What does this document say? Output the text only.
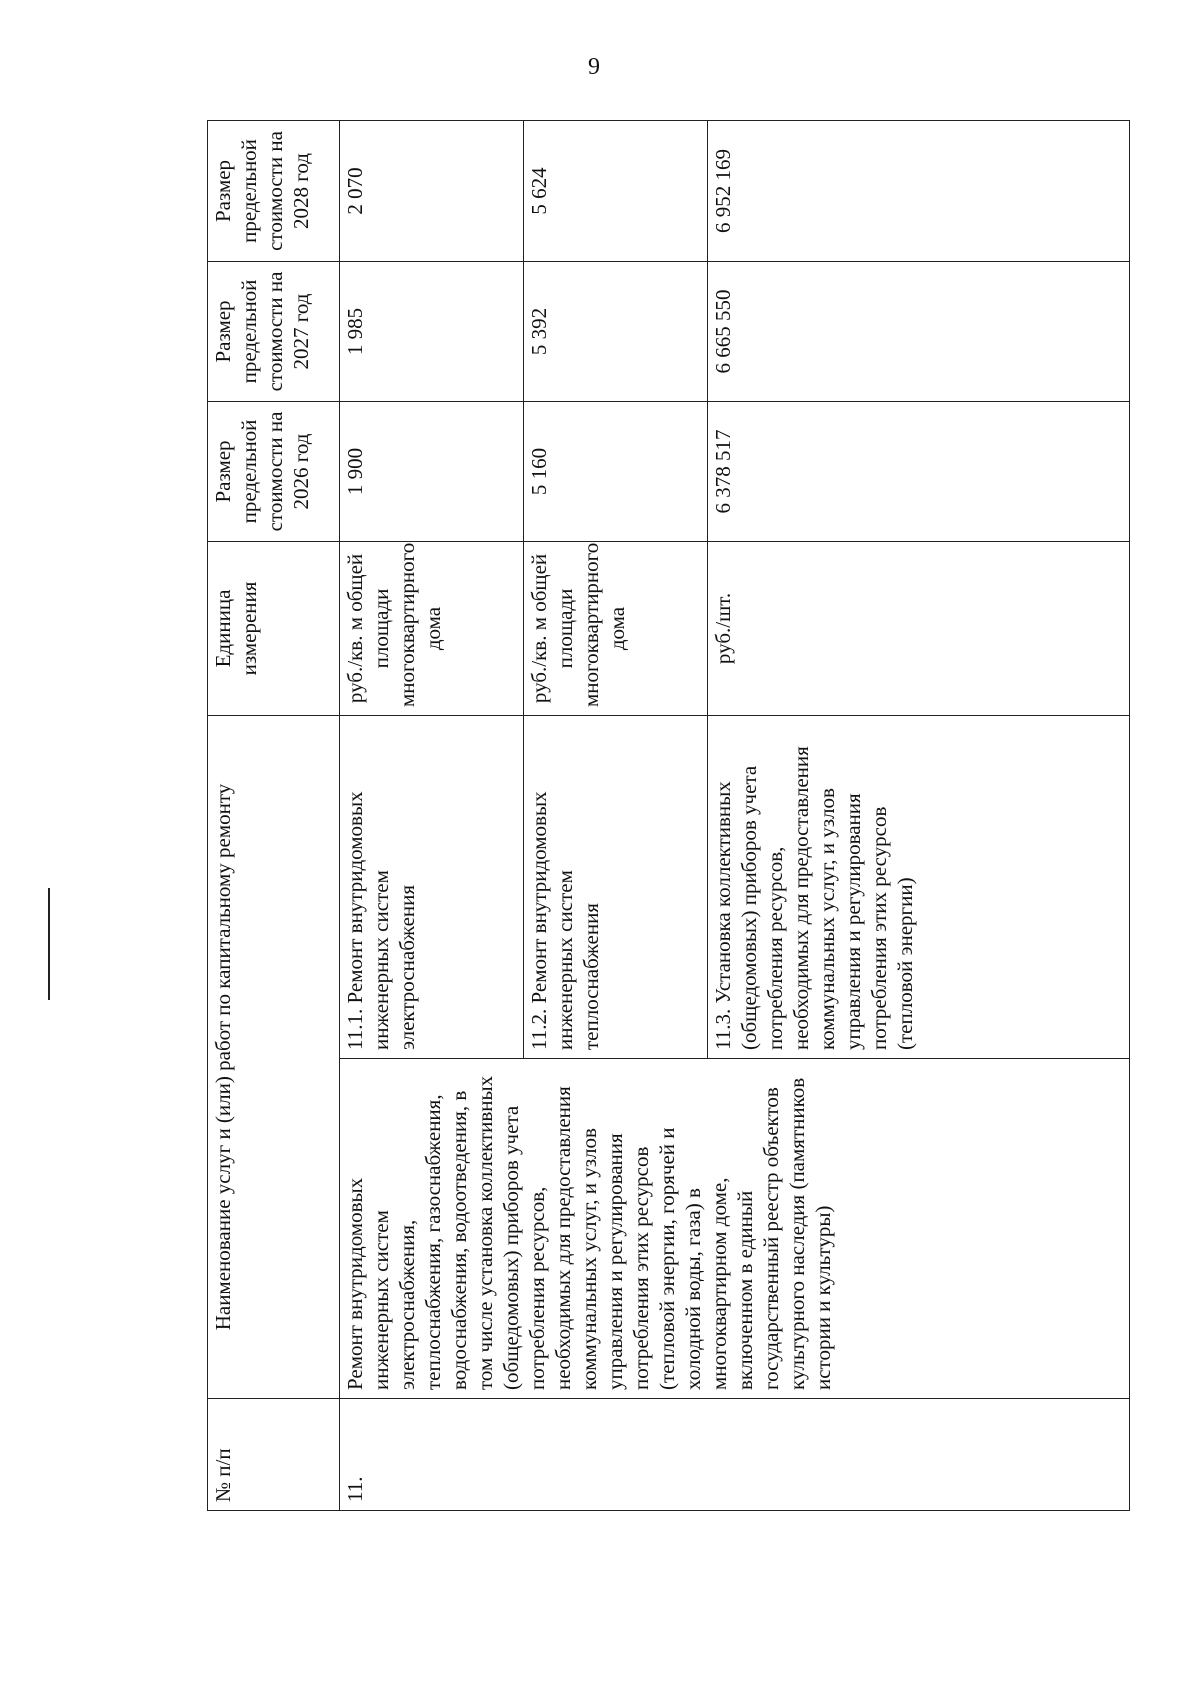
9
№ п/п	Наименование услуг и (или) работ по капитальному ремонту		Единица измерения	Размер предельной стоимости на 2026 год	Размер предельной стоимости на 2027 год	Размер предельной стоимости на 2028 год
11.	Ремонт внутридомовых инженерных систем электроснабжения, теплоснабжения, газоснабжения, водоснабжения, водоотведения, в том числе установка коллективных (общедомовых) приборов учета потребления ресурсов, необходимых для предоставления коммунальных услуг, и узлов управления и регулирования потребления этих ресурсов (тепловой энергии, горячей и холодной воды, газа) в многоквартирном доме, включенном в единый государственный реестр объектов культурного наследия (памятников истории и культуры)	11.1. Ремонт внутридомовых инженерных систем электроснабжения	руб./кв. м общей площади многоквартирного дома	1 900	1 985	2 070
		11.2. Ремонт внутридомовых инженерных систем теплоснабжения	руб./кв. м общей площади многоквартирного дома	5 160	5 392	5 624
		11.3. Установка коллективных (общедомовых) приборов учета потребления ресурсов, необходимых для предоставления коммунальных услуг, и узлов управления и регулирования потребления этих ресурсов (тепловой энергии)	руб./шт.	6 378 517	6 665 550	6 952 169
